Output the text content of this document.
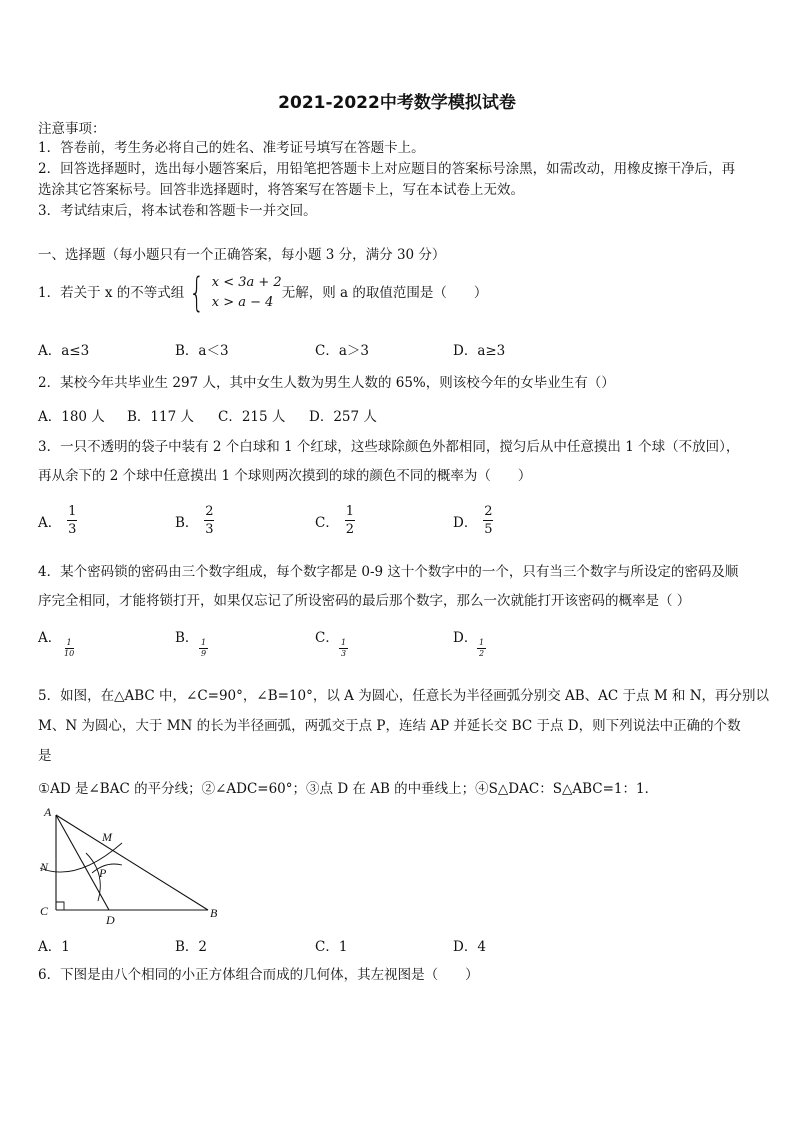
2021-2022中考数学模拟试卷
注意事项：
1．答卷前，考生务必将自己的姓名、准考证号填写在答题卡上。
2．回答选择题时，选出每小题答案后，用铅笔把答题卡上对应题目的答案标号涂黑，如需改动，用橡皮擦干净后，再
选涂其它答案标号。回答非选择题时，将答案写在答题卡上，写在本试卷上无效。
3．考试结束后，将本试卷和答题卡一并交回。
一、选择题（每小题只有一个正确答案，每小题 3 分，满分 30 分）
1．若关于 x 的不等式组 { x < 3a + 2
x > a − 4
无解，则 a 的取值范围是（　　）
A．a≤3	B．a＜3	C．a＞3	D．a≥3
2．某校今年共毕业生 297 人，其中女生人数为男生人数的 65%，则该校今年的女毕业生有（）
A．180 人 B．117 人 C．215 人 D．257 人
3．一只不透明的袋子中装有 2 个白球和 1 个红球，这些球除颜色外都相同，搅匀后从中任意摸出 1 个球（不放回），
再从余下的 2 个球中任意摸出 1 个球则两次摸到的球的颜色不同的概率为（　　）
A． $\frac{1}{3}$	B． $\frac{2}{3}$	C． $\frac{1}{2}$	D． $\frac{2}{5}$
4．某个密码锁的密码由三个数字组成，每个数字都是 0-9 这十个数字中的一个，只有当三个数字与所设定的密码及顺
序完全相同，才能将锁打开，如果仅忘记了所设密码的最后那个数字，那么一次就能打开该密码的概率是（ ）
A． 1
10
B． 1
9
C． 1
3
D． 1
2
5．如图，在△ABC 中，∠C=90°，∠B=10°，以 A 为圆心，任意长为半径画弧分别交 AB、AC 于点 M 和 N，再分别以
M、N 为圆心，大于 MN 的长为半径画弧，两弧交于点 P，连结 AP 并延长交 BC 于点 D，则下列说法中正确的个数
是
①AD 是∠BAC 的平分线；②∠ADC=60°；③点 D 在 AB 的中垂线上；④S△DAC：S△ABC=1：1．
A
M
N	P
C
D	B
A．1	B．2	C．1	D．4
6．下图是由八个相同的小正方体组合而成的几何体，其左视图是（　　）
